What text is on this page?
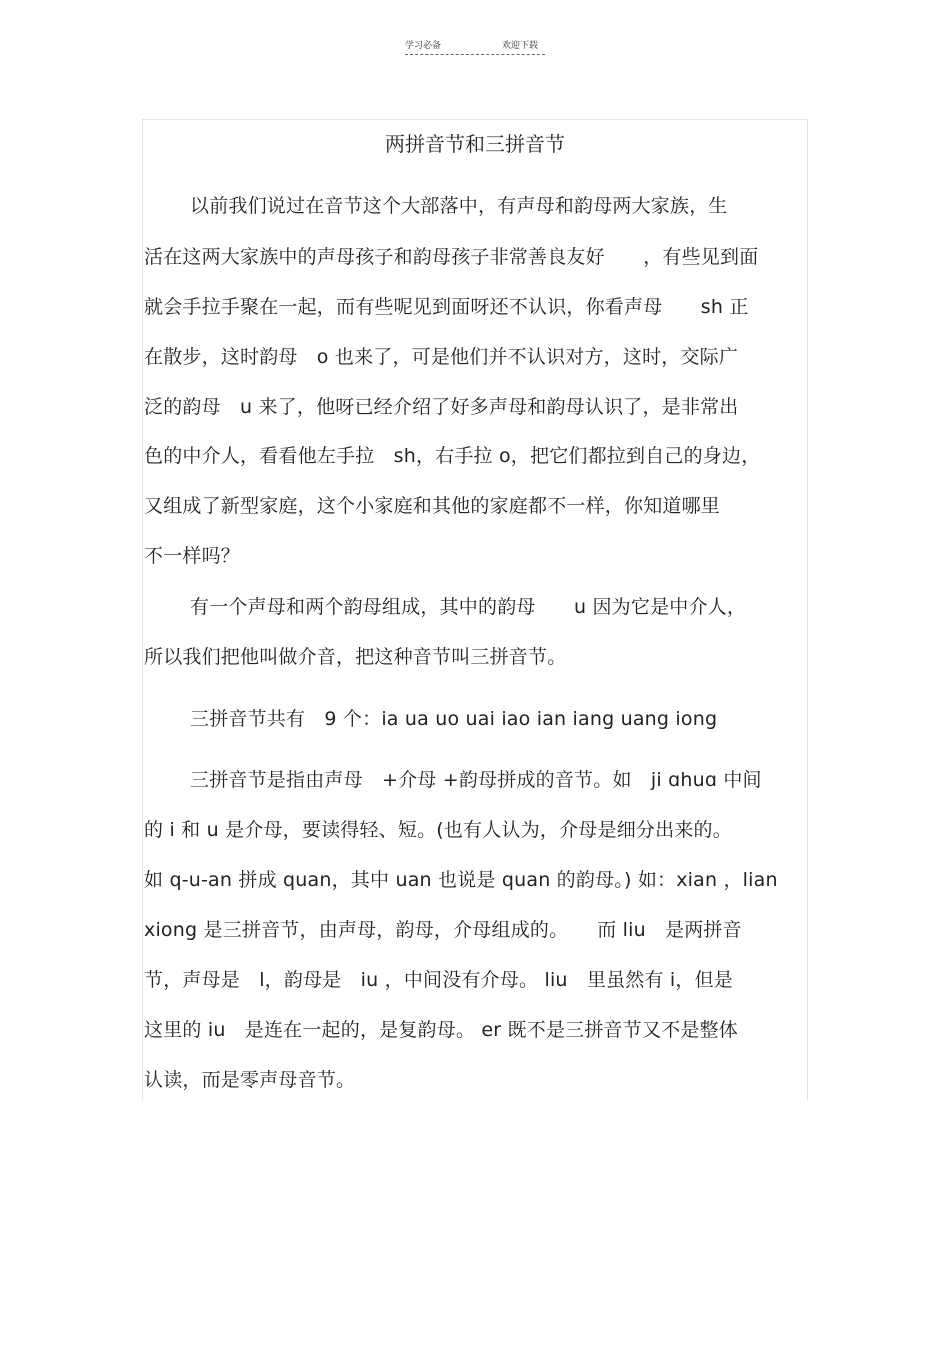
学习必备	欢迎下载
两拼音节和三拼音节
以前我们说过在音节这个大部落中，有声母和韵母两大家族，生
活在这两大家族中的声母孩子和韵母孩子非常善良友好　　，有些见到面
就会手拉手聚在一起，而有些呢见到面呀还不认识，你看声母　　sh 正
在散步，这时韵母　o 也来了，可是他们并不认识对方，这时，交际广
泛的韵母　u 来了，他呀已经介绍了好多声母和韵母认识了，是非常出
色的中介人，看看他左手拉　sh，右手拉 o，把它们都拉到自己的身边，
又组成了新型家庭，这个小家庭和其他的家庭都不一样，你知道哪里
不一样吗？
有一个声母和两个韵母组成，其中的韵母　　u 因为它是中介人，
所以我们把他叫做介音，把这种音节叫三拼音节。
三拼音节共有　9 个：ia ua uo uai iao ian iang uang iong
三拼音节是指由声母　+介母 +韵母拼成的音节。如　ji ɑhuɑ 中间
的 i 和 u 是介母，要读得轻、短。(也有人认为，介母是细分出来的。
如 q-u-an 拼成 quan，其中 uan 也说是 quan 的韵母。) 如：xian ，lian
xiong 是三拼音节，由声母，韵母，介母组成的。　　而 liu　是两拼音
节，声母是　l，韵母是　iu ，中间没有介母。 liu　里虽然有 i，但是
这里的 iu　是连在一起的，是复韵母。 er 既不是三拼音节又不是整体
认读，而是零声母音节。
